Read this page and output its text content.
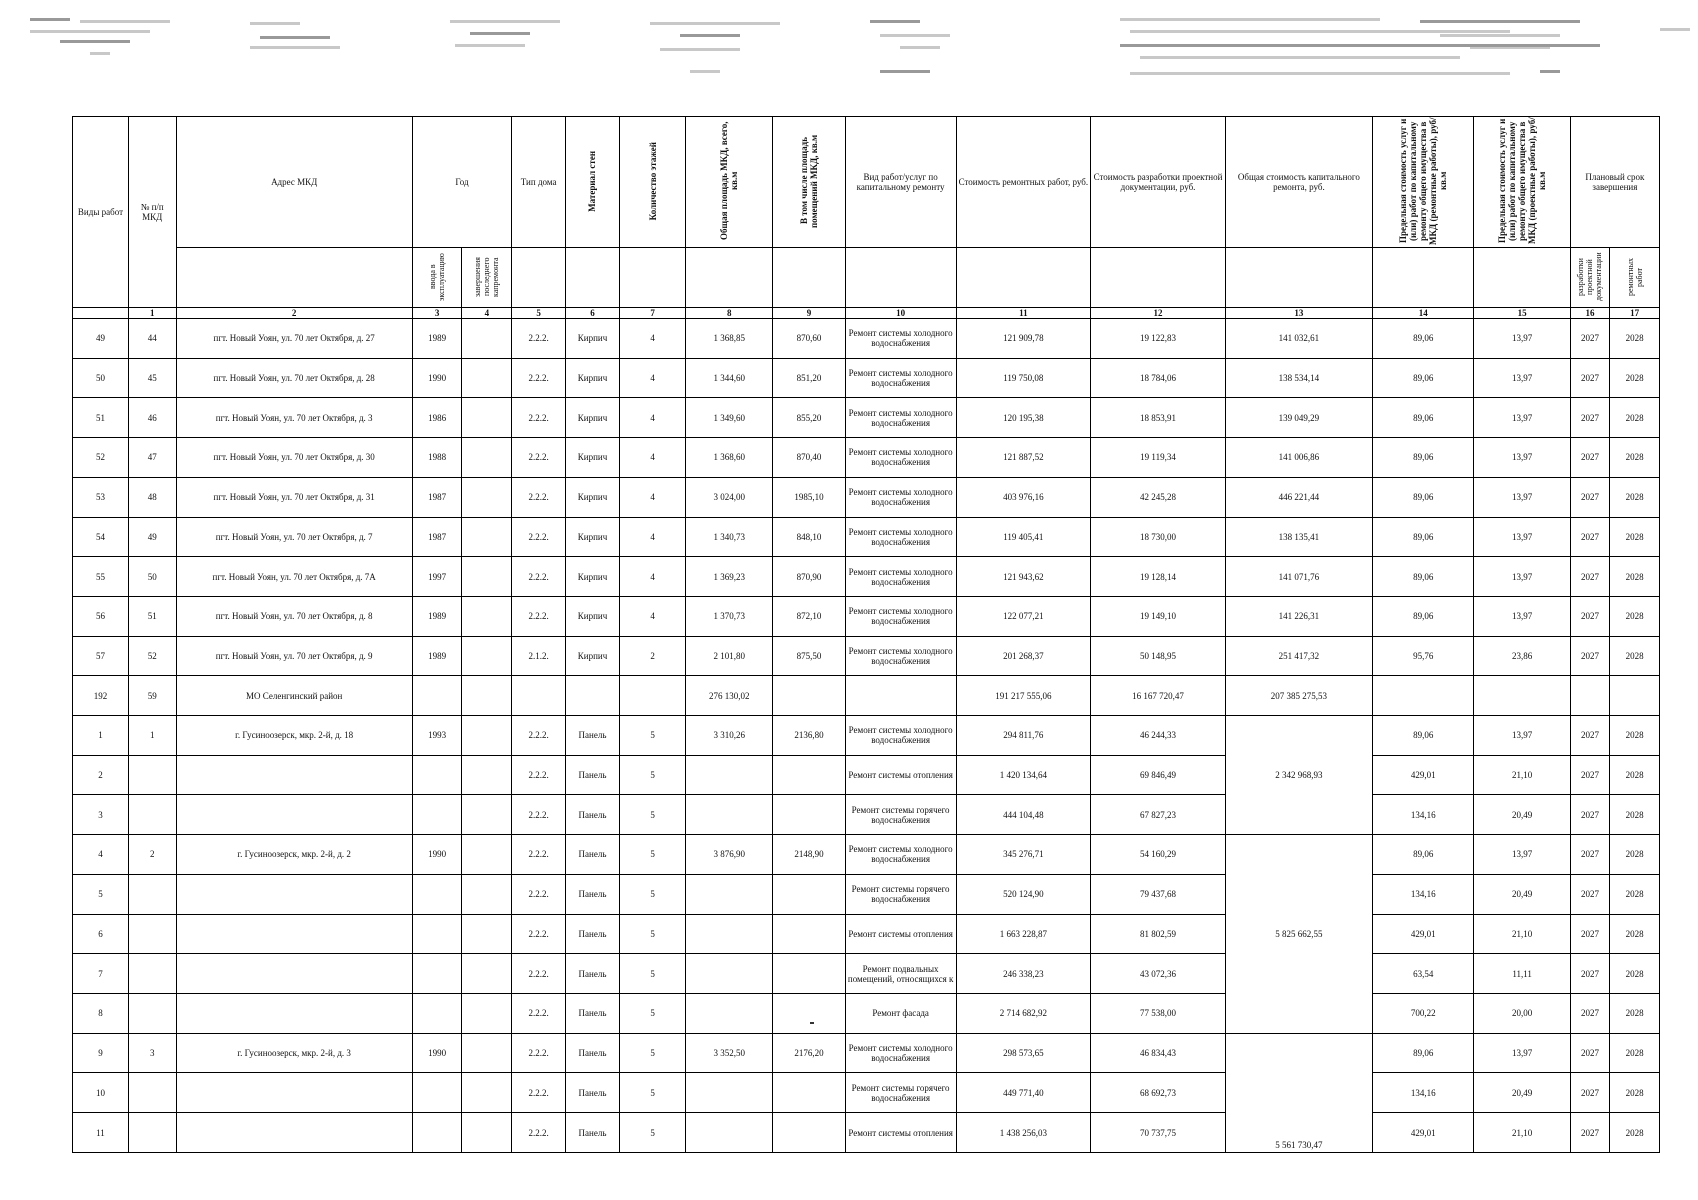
Виды работ	№ п/п МКД	Адрес МКД	Год		Тип дома	Материал стен	Количество этажей	Общая площадь МКД, всего, кв.м	В том числе площадь помещений МКД, кв.м	Вид работ/услуг по капитальному ремонту	Стоимость ремонтных работ, руб.	Стоимость разработки проектной документации, руб.	Общая стоимость капитального ремонта, руб.	Предельная стоимость услуг и (или) работ по капитальному ремонту общего имущества в МКД (ремонтные работы), руб/кв.м	Предельная стоимость услуг и (или) работ по капитальному ремонту общего имущества в МКД (проектные работы), руб/кв.м	Плановый срок завершения	
			ввода в эксплуатацию	завершения последнего капремонта												разработки проектной документации	ремонтных работ
	1	2	3	4	5	6	7	8	9	10	11	12	13	14	15	16	17
49	44	пгт. Новый Уоян, ул. 70 лет Октября, д. 27	1989		2.2.2.	Кирпич	4	1 368,85	870,60	Ремонт системы холодного водоснабжения	121 909,78	19 122,83	141 032,61	89,06	13,97	2027	2028
50	45	пгт. Новый Уоян, ул. 70 лет Октября, д. 28	1990		2.2.2.	Кирпич	4	1 344,60	851,20	Ремонт системы холодного водоснабжения	119 750,08	18 784,06	138 534,14	89,06	13,97	2027	2028
51	46	пгт. Новый Уоян, ул. 70 лет Октября, д. 3	1986		2.2.2.	Кирпич	4	1 349,60	855,20	Ремонт системы холодного водоснабжения	120 195,38	18 853,91	139 049,29	89,06	13,97	2027	2028
52	47	пгт. Новый Уоян, ул. 70 лет Октября, д. 30	1988		2.2.2.	Кирпич	4	1 368,60	870,40	Ремонт системы холодного водоснабжения	121 887,52	19 119,34	141 006,86	89,06	13,97	2027	2028
53	48	пгт. Новый Уоян, ул. 70 лет Октября, д. 31	1987		2.2.2.	Кирпич	4	3 024,00	1985,10	Ремонт системы холодного водоснабжения	403 976,16	42 245,28	446 221,44	89,06	13,97	2027	2028
54	49	пгт. Новый Уоян, ул. 70 лет Октября, д. 7	1987		2.2.2.	Кирпич	4	1 340,73	848,10	Ремонт системы холодного водоснабжения	119 405,41	18 730,00	138 135,41	89,06	13,97	2027	2028
55	50	пгт. Новый Уоян, ул. 70 лет Октября, д. 7А	1997		2.2.2.	Кирпич	4	1 369,23	870,90	Ремонт системы холодного водоснабжения	121 943,62	19 128,14	141 071,76	89,06	13,97	2027	2028
56	51	пгт. Новый Уоян, ул. 70 лет Октября, д. 8	1989		2.2.2.	Кирпич	4	1 370,73	872,10	Ремонт системы холодного водоснабжения	122 077,21	19 149,10	141 226,31	89,06	13,97	2027	2028
57	52	пгт. Новый Уоян, ул. 70 лет Октября, д. 9	1989		2.1.2.	Кирпич	2	2 101,80	875,50	Ремонт системы холодного водоснабжения	201 268,37	50 148,95	251 417,32	95,76	23,86	2027	2028
192	59	МО Селенгинский район						276 130,02			191 217 555,06	16 167 720,47	207 385 275,53				
1	1	г. Гусиноозерск, мкр. 2-й, д. 18	1993		2.2.2.	Панель	5	3 310,26	2136,80	Ремонт системы холодного водоснабжения	294 811,76	46 244,33	2 342 968,93	89,06	13,97	2027	2028
2					2.2.2.	Панель	5			Ремонт системы отопления	1 420 134,64	69 846,49		429,01	21,10	2027	2028
3					2.2.2.	Панель	5			Ремонт системы горячего водоснабжения	444 104,48	67 827,23		134,16	20,49	2027	2028
4	2	г. Гусиноозерск, мкр. 2-й, д. 2	1990		2.2.2.	Панель	5	3 876,90	2148,90	Ремонт системы холодного водоснабжения	345 276,71	54 160,29	5 825 662,55	89,06	13,97	2027	2028
5					2.2.2.	Панель	5			Ремонт системы горячего водоснабжения	520 124,90	79 437,68		134,16	20,49	2027	2028
6					2.2.2.	Панель	5			Ремонт системы отопления	1 663 228,87	81 802,59		429,01	21,10	2027	2028
7					2.2.2.	Панель	5			Ремонт подвальных помещений, относящихся к	246 338,23	43 072,36		63,54	11,11	2027	2028
8					2.2.2.	Панель	5			Ремонт фасада	2 714 682,92	77 538,00		700,22	20,00	2027	2028
9	3	г. Гусиноозерск, мкр. 2-й, д. 3	1990		2.2.2.	Панель	5	3 352,50	2176,20	Ремонт системы холодного водоснабжения	298 573,65	46 834,43	5 561 730,47	89,06	13,97	2027	2028
10					2.2.2.	Панель	5			Ремонт системы горячего водоснабжения	449 771,40	68 692,73		134,16	20,49	2027	2028
11					2.2.2.	Панель	5			Ремонт системы отопления	1 438 256,03	70 737,75		429,01	21,10	2027	2028
